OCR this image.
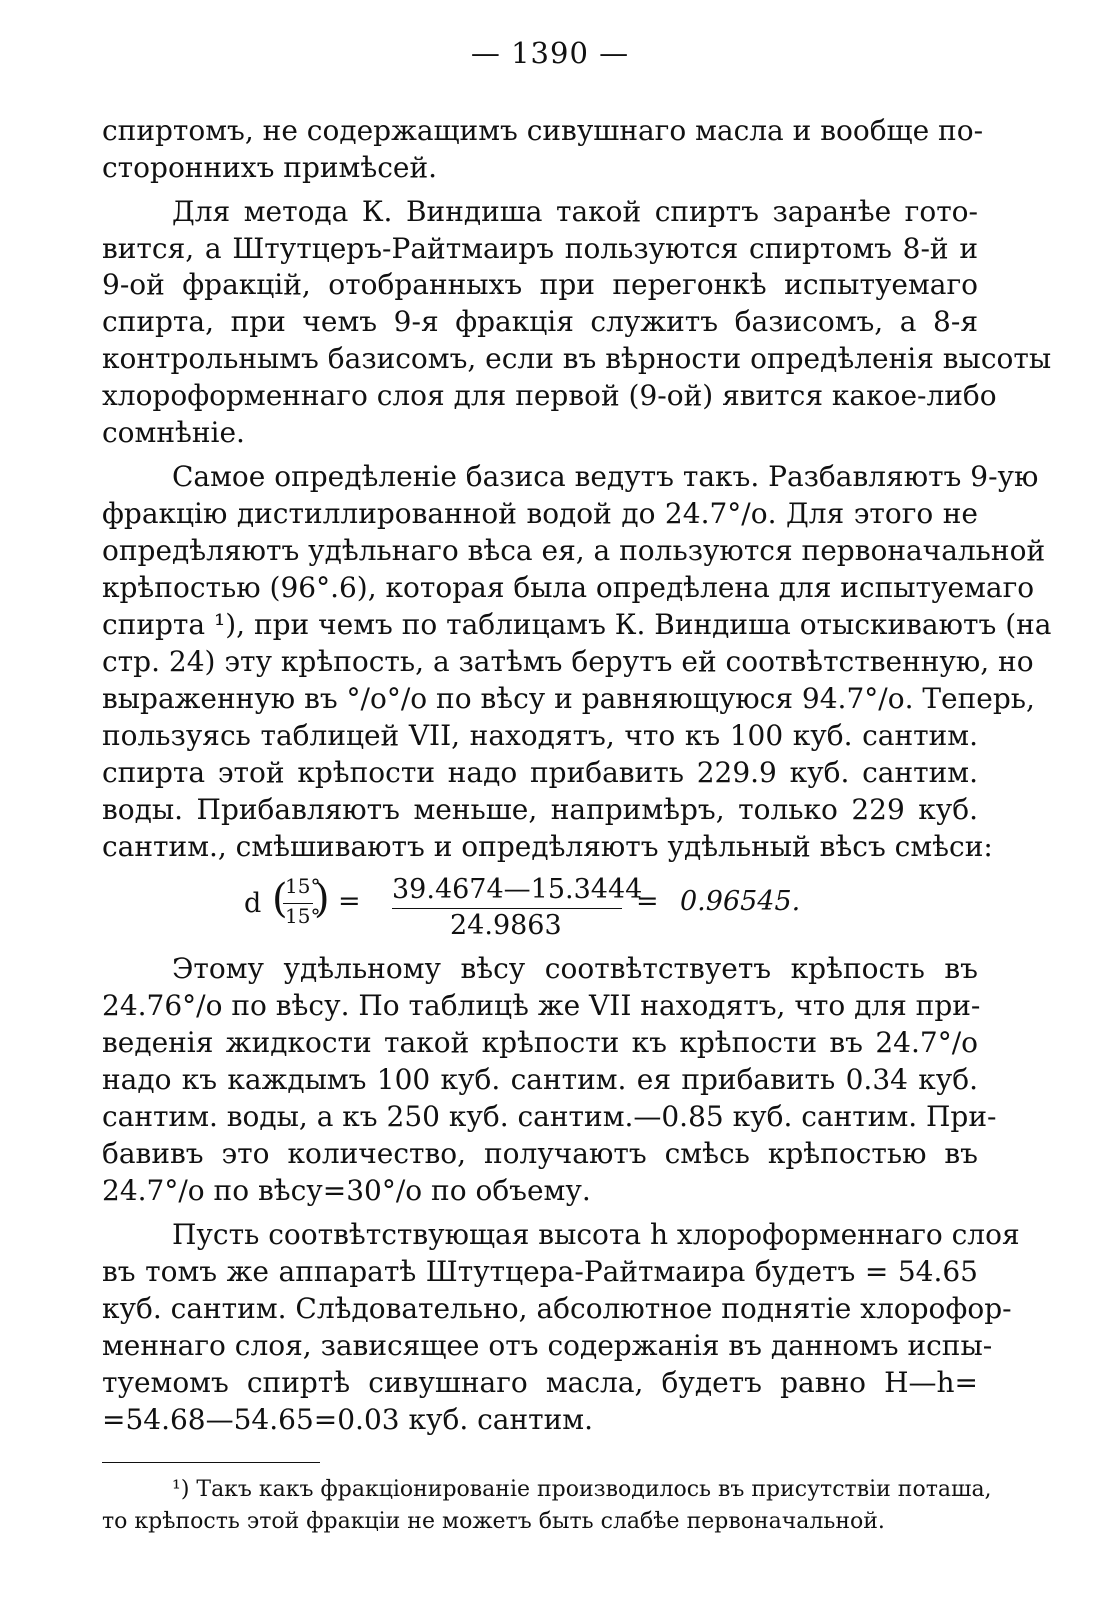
— 1390 —
спиртомъ, не содержащимъ сивушнаго масла и вообще по-
стороннихъ примѣсей.
Для метода К. Виндиша такой спиртъ заранѣе гото-
вится, а Штутцеръ-Райтмаиръ пользуются спиртомъ 8-й и
9-ой фракцій, отобранныхъ при перегонкѣ испытуемаго
спирта, при чемъ 9-я фракція служитъ базисомъ, а 8-я
контрольнымъ базисомъ, если въ вѣрности опредѣленія высоты
хлороформеннаго слоя для первой (9-ой) явится какое-либо
сомнѣніе.
Самое опредѣленіе базиса ведутъ такъ. Разбавляютъ 9-ую
фракцію дистиллированной водой до 24.7°/о. Для этого не
опредѣляютъ удѣльнаго вѣса ея, а пользуются первоначальной
крѣпостью (96°.6), которая была опредѣлена для испытуемаго
спирта ¹), при чемъ по таблицамъ К. Виндиша отыскиваютъ (на
стр. 24) эту крѣпость, а затѣмъ берутъ ей соотвѣтственную, но
выраженную въ °/о°/о по вѣсу и равняющуюся 94.7°/о. Теперь,
пользуясь таблицей VII, находятъ, что къ 100 куб. сантим.
спирта этой крѣпости надо прибавить 229.9 куб. сантим.
воды. Прибавляютъ меньше, напримѣръ, только 229 куб.
сантим., смѣшиваютъ и опредѣляютъ удѣльный вѣсъ смѣси:
d (
15°
15°
) = 39.4674—15.3444
24.9863
= 0.96545.
Этому удѣльному вѣсу соотвѣтствуетъ крѣпость въ
24.76°/о по вѣсу. По таблицѣ же VII находятъ, что для при-
веденія жидкости такой крѣпости къ крѣпости въ 24.7°/о
надо къ каждымъ 100 куб. сантим. ея прибавить 0.34 куб.
сантим. воды, а къ 250 куб. сантим.—0.85 куб. сантим. При-
бавивъ это количество, получаютъ смѣсь крѣпостью въ
24.7°/о по вѣсу=30°/о по объему.
Пусть соотвѣтствующая высота h хлороформеннаго слоя
въ томъ же аппаратѣ Штутцера-Райтмаира будетъ = 54.65
куб. сантим. Слѣдовательно, абсолютное поднятіе хлорофор-
меннаго слоя, зависящее отъ содержанія въ данномъ испы-
туемомъ спиртѣ сивушнаго масла, будетъ равно H—h=
=54.68—54.65=0.03 куб. сантим.
¹) Такъ какъ фракціонированіе производилось въ присутствіи поташа,
то крѣпость этой фракціи не можетъ быть слабѣе первоначальной.
